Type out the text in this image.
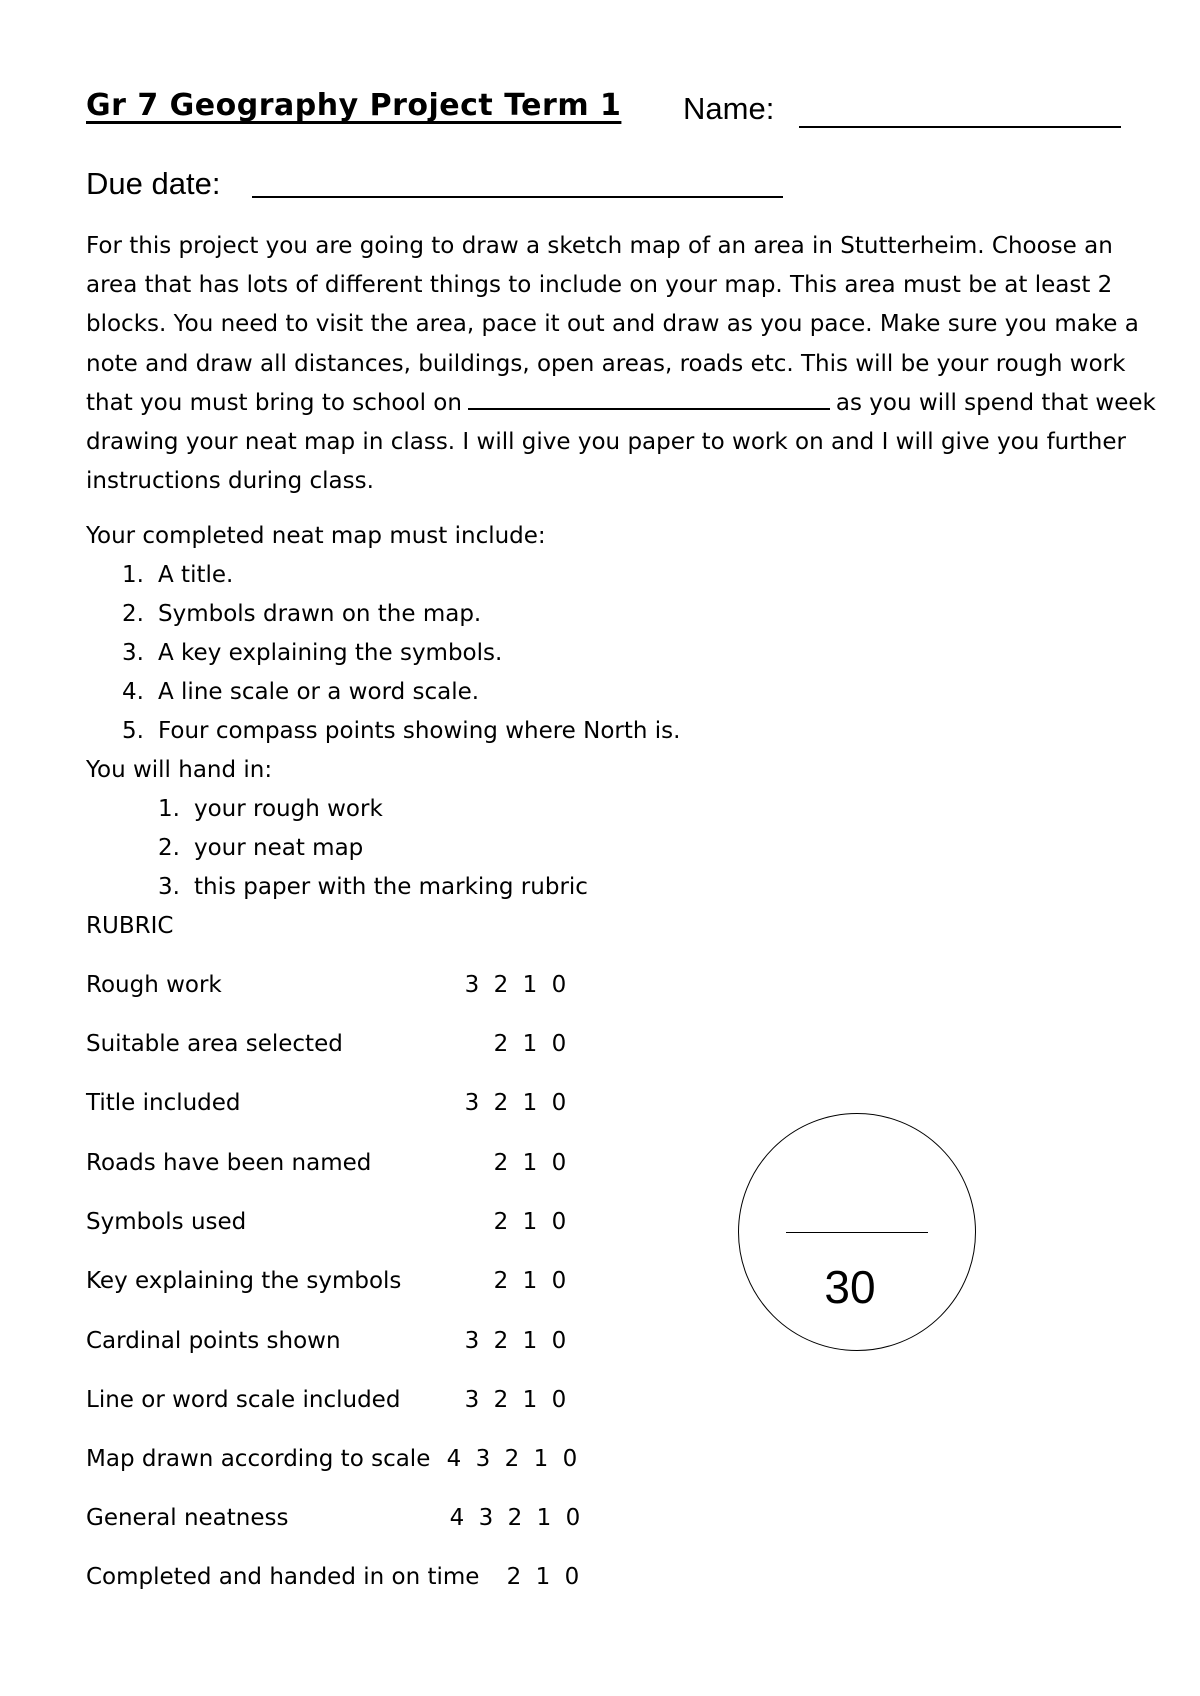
Gr 7 Geography Project Term 1 Name:
Due date:
For this project you are going to draw a sketch map of an area in Stutterheim. Choose an
area that has lots of different things to include on your map. This area must be at least 2
blocks. You need to visit the area, pace it out and draw as you pace. Make sure you make a
note and draw all distances, buildings, open areas, roads etc. This will be your rough work
that you must bring to school on	as you will spend that week
drawing your neat map in class. I will give you paper to work on and I will give you further
instructions during class.
Your completed neat map must include:
1. A title.
2. Symbols drawn on the map.
3. A key explaining the symbols.
4. A line scale or a word scale.
5. Four compass points showing where North is.
You will hand in:
1. your rough work
2. your neat map
3. this paper with the marking rubric
RUBRIC
Rough work	3 2 1 0
Suitable area selected	2 1 0
Title included	3 2 1 0
Roads have been named	2 1 0
Symbols used	2 1 0
Key explaining the symbols	2 1 0
Cardinal points shown	3 2 1 0
Line or word scale included	3 2 1 0
Map drawn according to scale 4 3 2 1 0
General neatness	4 3 2 1 0
Completed and handed in on time 2 1 0
30
